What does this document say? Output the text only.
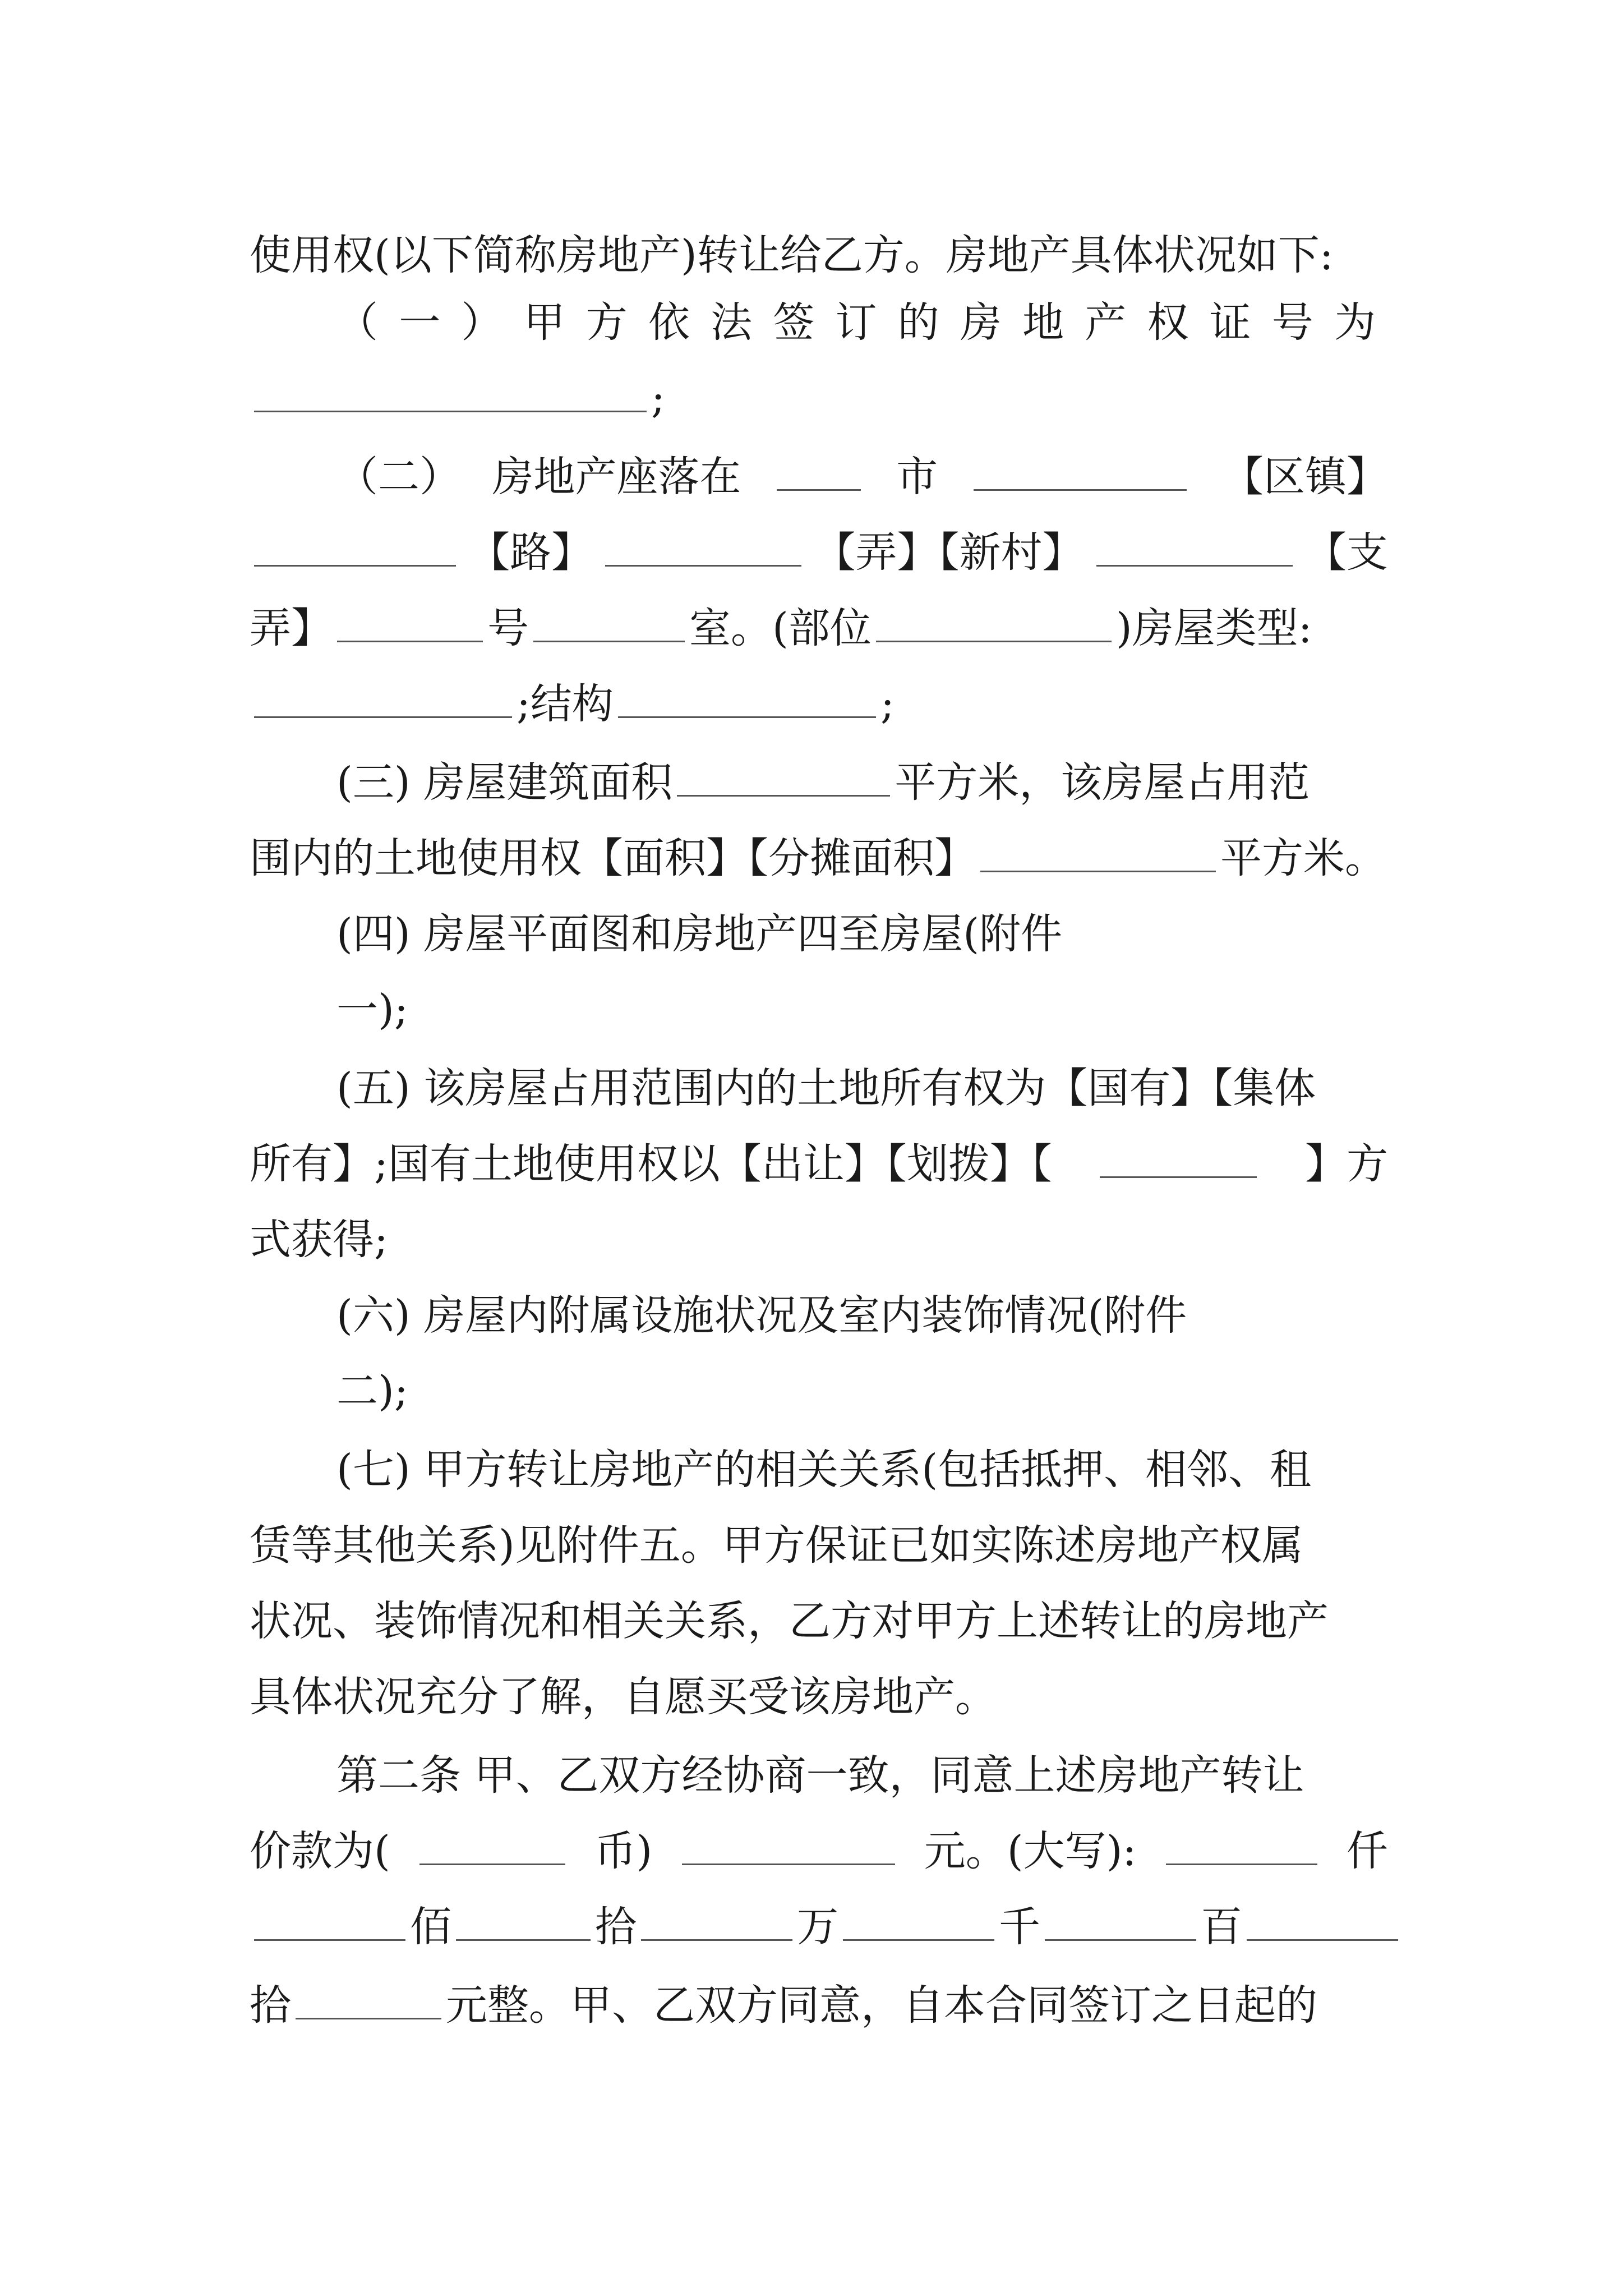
使用权(以下简称房地产)转让给乙方。房地产具体状况如下:
（ 一 ） 甲 方 依 法 签 订 的 房 地 产 权 证 号 为
;
（二） 房地产座落在	市	【区镇】
【路】	【弄】【新村】	【支
弄】	号	室。(部位	)房屋类型:
;结构	;
(三) 房屋建筑面积	平方米，该房屋占用范
围内的土地使用权【面积】【分摊面积】	平方米。
(四) 房屋平面图和房地产四至房屋(附件
一);
(五) 该房屋占用范围内的土地所有权为【国有】【集体
所有】;国有土地使用权以【出让】【划拨】【	】方
式获得;
(六) 房屋内附属设施状况及室内装饰情况(附件
二);
(七) 甲方转让房地产的相关关系(包括抵押、相邻、租
赁等其他关系)见附件五。甲方保证已如实陈述房地产权属
状况、装饰情况和相关关系，乙方对甲方上述转让的房地产
具体状况充分了解，自愿买受该房地产。
第二条 甲、乙双方经协商一致，同意上述房地产转让
价款为(	币)	元。(大写):	仟
佰	拾	万	千	百
拾	元整。甲、乙双方同意，自本合同签订之日起的
